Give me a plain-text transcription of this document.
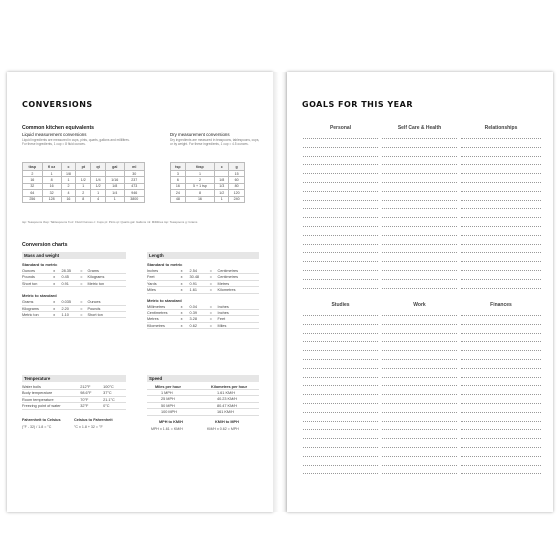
CONVERSIONS
Common kitchen equivalents
Liquid measurement conversions
Liquid ingredients are measured in cups, pints, quarts, gallons and millilitres. For these ingredients, 1 cup = 8 fluid ounces.
tbsp	fl oz	c	pt	qt	gal	ml
2	1	1/8				30
16	8	1	1/2	1/4	1/16	237
32	16	2	1	1/2	1/8	473
64	32	4	2	1	1/4	946
256	128	16	8	4	1	3800
Dry measurement conversions
Dry ingredients are measured in teaspoons, tablespoons, cups, or by weight. For these ingredients, 1 cup = 4.5 ounces.
tsp	tbsp	c	g
3	1		15
6	2	1/8	60
16	5 + 1 tsp	1/3	80
24	8	1/2	120
48	16	1	240
tsp: Teaspoons tbsp: Tablespoons fl oz: Fluid Ounces c: Cups pt: Pints qt: Quarts gal: Gallons ml: Millilitres tsp: Teaspoons g: Grams
Conversion charts
Mass and weight
Standard to metric
Ounces	x	28.35	=	Grams
Pounds	x	0.45	=	Kilograms
Short ton	x	0.91	=	Metric ton
Metric to standard
Grams	x	0.035	=	Ounces
Kilograms	x	2.20	=	Pounds
Metric ton	x	1.10	=	Short ton
Length
Standard to metric
Inches	x	2.54	=	Centimetres
Feet	x	30.48	=	Centimetres
Yards	x	0.91	=	Metres
Miles	x	1.61	=	Kilometres
Metric to standard
Millimetres	x	0.04	=	Inches
Centimetres	x	0.39	=	Inches
Metres	x	3.28	=	Feet
Kilometres	x	0.62	=	Miles
Temperature
Water boils	212°F	100°C
Body temperature	98.6°F	37°C
Room temperature	70°F	21.1°C
Freezing point of water	32°F	0°C
Fahrenheit to Celsius	Celsius to Fahrenheit
(°F - 32) / 1.8 = °C	°C x 1.8 + 32 = °F
Speed
Miles per hour	Kilometres per hour
1 MPH	1.61 KM/H
25 MPH	40.23 KM/H
50 MPH	80.47 KM/H
100 MPH	161 KM/H
MPH to KM/H	KM/H to MPH
MPH x 1.61 = KM/H	KM/H x 0.62 = MPH
GOALS FOR THIS YEAR
Personal	Self Care & Health	Relationships
Studies	Work	Finances
